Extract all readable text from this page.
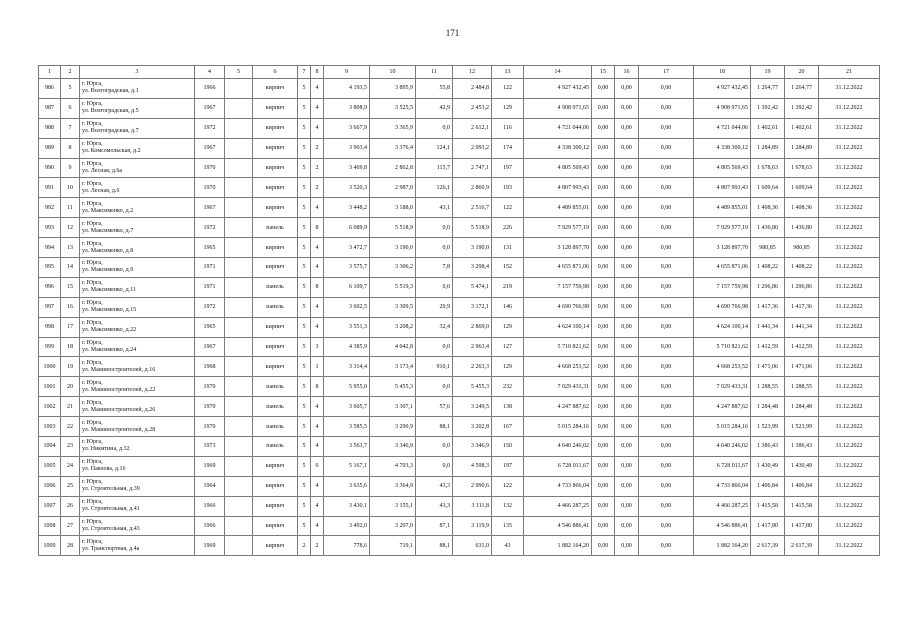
171
1	2	3	4	5	6	7	8	9	10	11	12	13	14	15	16	17	18	19	20	21
986	5	г. Юрга,
ул. Волгоградская, д.1	1966		кирпич	5	4	4 193,5	3 895,9	55,8	2 484,8	122	4 927 432,45	0,00	0,00	0,00	4 927 432,45	1 264,77	1 264,77	31.12.2022
987	6	г. Юрга,
ул. Волгоградская, д.5	1967		кирпич	5	4	3 808,9	3 525,5	42,9	2 453,2	129	4 908 971,65	0,00	0,00	0,00	4 908 971,65	1 392,42	1 392,42	31.12.2022
988	7	г. Юрга,
ул. Волгоградская, д.7	1972		кирпич	5	4	3 667,9	3 365,9	0,0	2 612,1	116	4 721 044,06	0,00	0,00	0,00	4 721 044,06	1 402,61	1 402,61	31.12.2022
989	8	г. Юрга,
ул. Комсомольская, д.2	1967		кирпич	5	2	3 903,4	3 376,4	124,1	2 993,2	174	4 338 300,12	0,00	0,00	0,00	4 338 300,12	1 284,89	1 284,89	31.12.2022
990	9	г. Юрга,
ул. Лесная, д.6а	1970		кирпич	5	2	3 469,8	2 862,8	115,7	2 747,1	197	4 805 569,43	0,00	0,00	0,00	4 805 569,43	1 678,63	1 678,63	31.12.2022
991	10	г. Юрга,
ул. Лесная, д.6	1970		кирпич	5	2	3 520,3	2 987,0	126,1	2 860,9	193	4 807 993,43	0,00	0,00	0,00	4 807 993,43	1 609,64	1 609,64	31.12.2022
992	11	г. Юрга,
ул. Максименко, д.2	1967		кирпич	5	4	3 448,2	3 188,0	43,1	2 516,7	122	4 489 855,01	0,00	0,00	0,00	4 489 855,01	1 408,36	1 408,36	31.12.2022
993	12	г. Юрга,
ул. Максименко, д.7	1972		панель	5	8	6 089,9	5 518,9	0,0	5 518,9	226	7 929 577,19	0,00	0,00	0,00	7 929 577,19	1 436,80	1 436,80	31.12.2022
994	13	г. Юрга,
ул. Максименко, д.8	1965		кирпич	5	4	3 472,7	3 190,0	0,0	3 190,0	131	3 128 897,70	0,00	0,00	0,00	3 128 897,70	980,85	980,85	31.12.2022
995	14	г. Юрга,
ул. Максименко, д.9	1971		кирпич	5	4	3 575,7	3 306,2	7,8	3 298,4	152	4 655 871,06	0,00	0,00	0,00	4 655 871,06	1 408,22	1 408,22	31.12.2022
996	15	г. Юрга,
ул. Максименко, д.11	1971		панель	5	8	6 109,7	5 519,3	0,0	5 474,1	219	7 157 759,98	0,00	0,00	0,00	7 157 759,98	1 296,86	1 296,86	31.12.2022
997	16	г. Юрга,
ул. Максименко, д.15	1972		панель	5	4	3 602,5	3 309,5	29,9	3 172,1	146	4 690 766,98	0,00	0,00	0,00	4 690 766,98	1 417,36	1 417,36	31.12.2022
998	17	г. Юрга,
ул. Максименко, д.22	1965		кирпич	5	4	3 551,3	3 208,2	32,4	2 869,0	129	4 624 100,14	0,00	0,00	0,00	4 624 100,14	1 441,34	1 441,34	31.12.2022
999	18	г. Юрга,
ул. Максименко, д.24	1967		кирпич	5	3	4 385,9	4 042,8	0,0	2 963,4	127	5 710 821,62	0,00	0,00	0,00	5 710 821,62	1 412,59	1 412,59	31.12.2022
1000	19	г. Юрга,
ул. Машиностроителей, д.16	1968		кирпич	5	1	3 314,4	3 173,4	910,1	2 263,3	129	4 668 253,52	0,00	0,00	0,00	4 668 253,52	1 471,06	1 471,06	31.12.2022
1001	20	г. Юрга,
ул. Машиностроителей, д.22	1970		панель	5	8	5 955,0	5 455,3	0,0	5 455,3	232	7 029 433,31	0,00	0,00	0,00	7 029 433,31	1 288,55	1 288,55	31.12.2022
1002	21	г. Юрга,
ул. Машиностроителей, д.26	1970		панель	5	4	3 605,7	3 307,1	57,6	3 249,5	138	4 247 887,62	0,00	0,00	0,00	4 247 887,62	1 284,48	1 284,48	31.12.2022
1003	22	г. Юрга,
ул. Машиностроителей, д.28	1970		панель	5	4	3 585,5	3 290,9	88,1	3 202,8	167	5 015 284,16	0,00	0,00	0,00	5 015 284,16	1 523,99	1 523,99	31.12.2022
1004	23	г. Юрга,
ул. Никитина, д.32	1973		панель	5	4	3 563,7	3 346,9	0,0	3 346,9	150	4 640 246,02	0,00	0,00	0,00	4 640 246,02	1 386,43	1 386,43	31.12.2022
1005	24	г. Юрга,
ул. Павлова, д.16	1969		кирпич	5	6	5 167,1	4 703,3	0,0	4 598,3	197	6 728 011,67	0,00	0,00	0,00	6 728 011,67	1 430,49	1 430,49	31.12.2022
1006	25	г. Юрга,
ул. Строительная, д.39	1964		кирпич	5	4	3 635,6	3 364,9	43,3	2 990,6	122	4 733 866,04	0,00	0,00	0,00	4 733 866,04	1 406,84	1 406,84	31.12.2022
1007	26	г. Юрга,
ул. Строительная, д.41	1966		кирпич	5	4	3 430,1	3 155,1	43,3	3 111,8	132	4 466 287,25	0,00	0,00	0,00	4 466 287,25	1 415,58	1 415,58	31.12.2022
1008	27	г. Юрга,
ул. Строительная, д.43	1966		кирпич	5	4	3 492,0	3 207,0	87,1	3 119,9	135	4 546 886,41	0,00	0,00	0,00	4 546 886,41	1 417,80	1 417,80	31.12.2022
1009	28	г. Юрга,
ул. Транспортная, д.4а	1969		кирпич	2	2	778,6	719,1	88,1	631,0	43	1 882 164,20	0,00	0,00	0,00	1 882 164,20	2 617,39	2 617,39	31.12.2022
